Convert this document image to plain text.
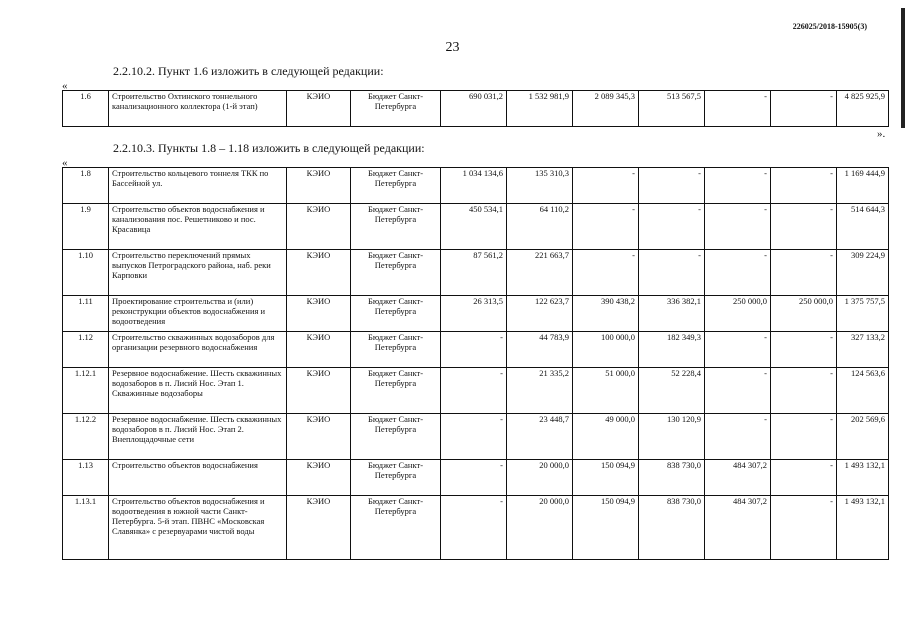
226025/2018-15905(3)
23
2.2.10.2. Пункт 1.6 изложить в следующей редакции:
«
1.6	Строительство Охтинского тоннельного канализационного коллектора (1-й этап)	КЭИО	Бюджет Санкт-Петербурга	690 031,2	1 532 981,9	2 089 345,3	513 567,5	-	-	4 825 925,9
».
2.2.10.3. Пункты 1.8 – 1.18 изложить в следующей редакции:
«
1.8	Строительство кольцевого тоннеля ТКК по Бассейной ул.	КЭИО	Бюджет Санкт-Петербурга	1 034 134,6	135 310,3	-	-	-	-	1 169 444,9
1.9	Строительство объектов водоснабжения и канализования пос. Решетниково и пос. Красавица	КЭИО	Бюджет Санкт-Петербурга	450 534,1	64 110,2	-	-	-	-	514 644,3
1.10	Строительство переключений прямых выпусков Петроградского района, наб. реки Карповки	КЭИО	Бюджет Санкт-Петербурга	87 561,2	221 663,7	-	-	-	-	309 224,9
1.11	Проектирование строительства и (или) реконструкции объектов водоснабжения и водоотведения	КЭИО	Бюджет Санкт-Петербурга	26 313,5	122 623,7	390 438,2	336 382,1	250 000,0	250 000,0	1 375 757,5
1.12	Строительство скважинных водозаборов для организации резервного водоснабжения	КЭИО	Бюджет Санкт-Петербурга	-	44 783,9	100 000,0	182 349,3	-	-	327 133,2
1.12.1	Резервное водоснабжение. Шесть скважинных водозаборов в п. Лисий Нос. Этап 1. Скважинные водозаборы	КЭИО	Бюджет Санкт-Петербурга	-	21 335,2	51 000,0	52 228,4	-	-	124 563,6
1.12.2	Резервное водоснабжение. Шесть скважинных водозаборов в п. Лисий Нос. Этап 2. Внеплощадочные сети	КЭИО	Бюджет Санкт-Петербурга	-	23 448,7	49 000,0	130 120,9	-	-	202 569,6
1.13	Строительство объектов водоснабжения	КЭИО	Бюджет Санкт-Петербурга	-	20 000,0	150 094,9	838 730,0	484 307,2	-	1 493 132,1
1.13.1	Строительство объектов водоснабжения и водоотведения в южной части Санкт-Петербурга. 5-й этап. ПВНС «Московская Славянка» с резервуарами чистой воды	КЭИО	Бюджет Санкт-Петербурга	-	20 000,0	150 094,9	838 730,0	484 307,2	-	1 493 132,1
